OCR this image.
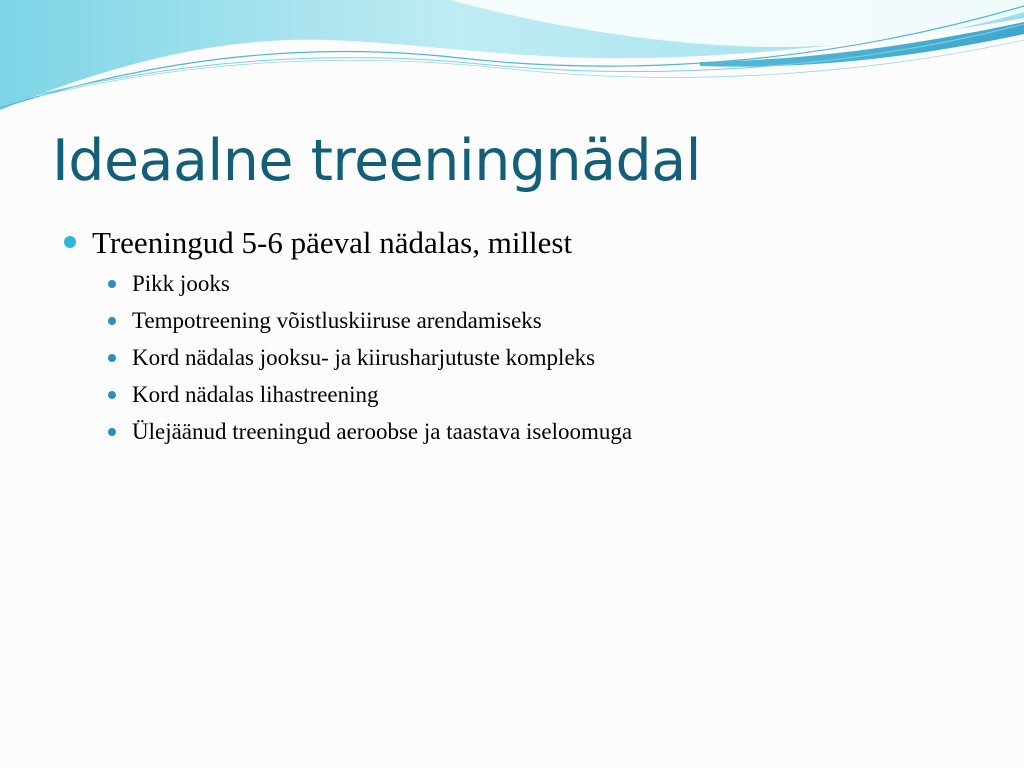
Ideaalne treeningnädal
Treeningud 5-6 päeval nädalas, millest
Pikk jooks
Tempotreening võistluskiiruse arendamiseks
Kord nädalas jooksu- ja kiirusharjutuste kompleks
Kord nädalas lihastreening
Ülejäänud treeningud aeroobse ja taastava iseloomuga
